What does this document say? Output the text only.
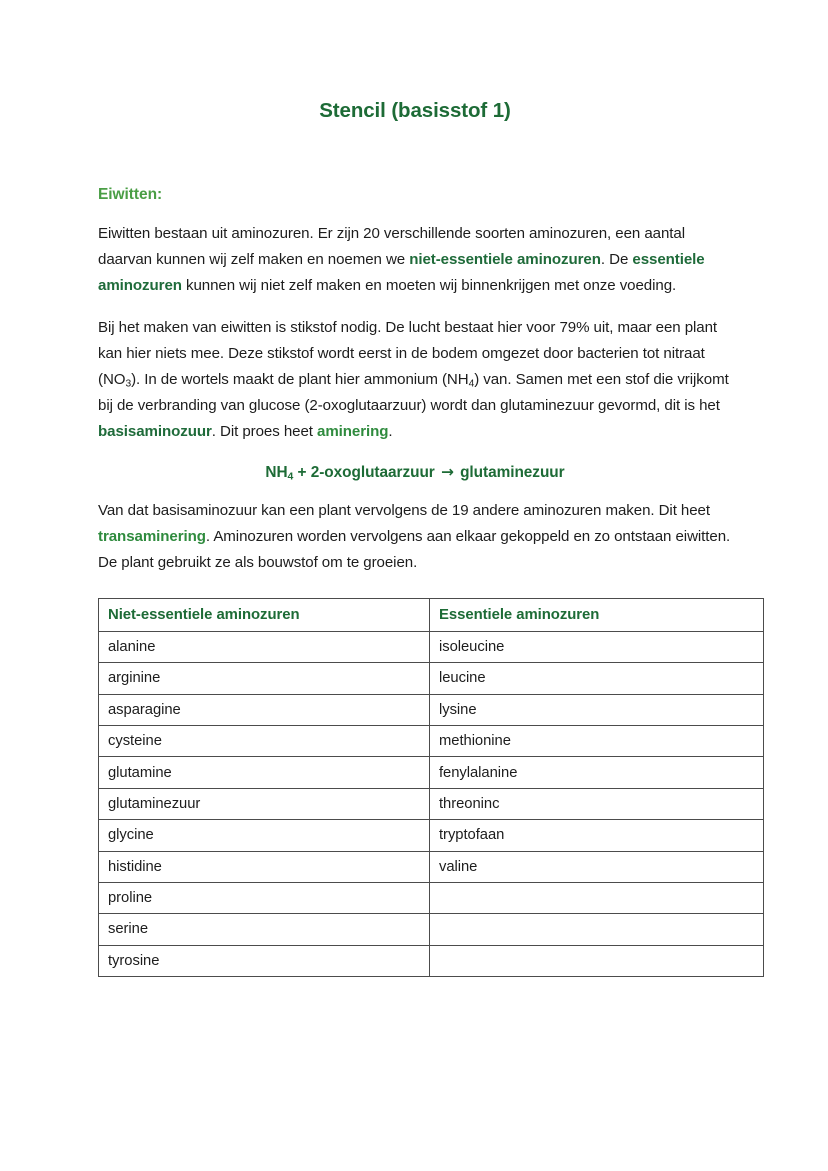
Stencil (basisstof 1)
Eiwitten:

Eiwitten bestaan uit aminozuren. Er zijn 20 verschillende soorten aminozuren, een aantal daarvan kunnen wij zelf maken en noemen we niet-essentiele aminozuren. De essentiele aminozuren kunnen wij niet zelf maken en moeten wij binnenkrijgen met onze voeding.

Bij het maken van eiwitten is stikstof nodig. De lucht bestaat hier voor 79% uit, maar een plant kan hier niets mee. Deze stikstof wordt eerst in de bodem omgezet door bacterien tot nitraat $(NO_3)$. In de wortels maakt de plant hier ammonium $(NH_4)$ van. Samen met een stof die vrijkomt bij de verbranding van glucose (2-oxoglutaarzuur) wordt dan glutaminezuur gevormd, dit is het basisaminozuur. Dit proes heet aminering.

$NH_4$ + 2-oxoglutaarzuur → glutaminezuur

Van dat basisaminozuur kan een plant vervolgens de 19 andere aminozuren maken. Dit heet transaminering. Aminozuren worden vervolgens aan elkaar gekoppeld en zo ontstaan eiwitten. De plant gebruikt ze als bouwstof om te groeien.

Niet-essentiele aminozuren	Essentiele aminozuren
alanine	isoleucine
arginine	leucine
asparagine	lysine
cysteine	methionine
glutamine	fenylalanine
glutaminezuur	threoninc
glycine	tryptofaan
histidine	valine
proline	
serine	
tyrosine	
